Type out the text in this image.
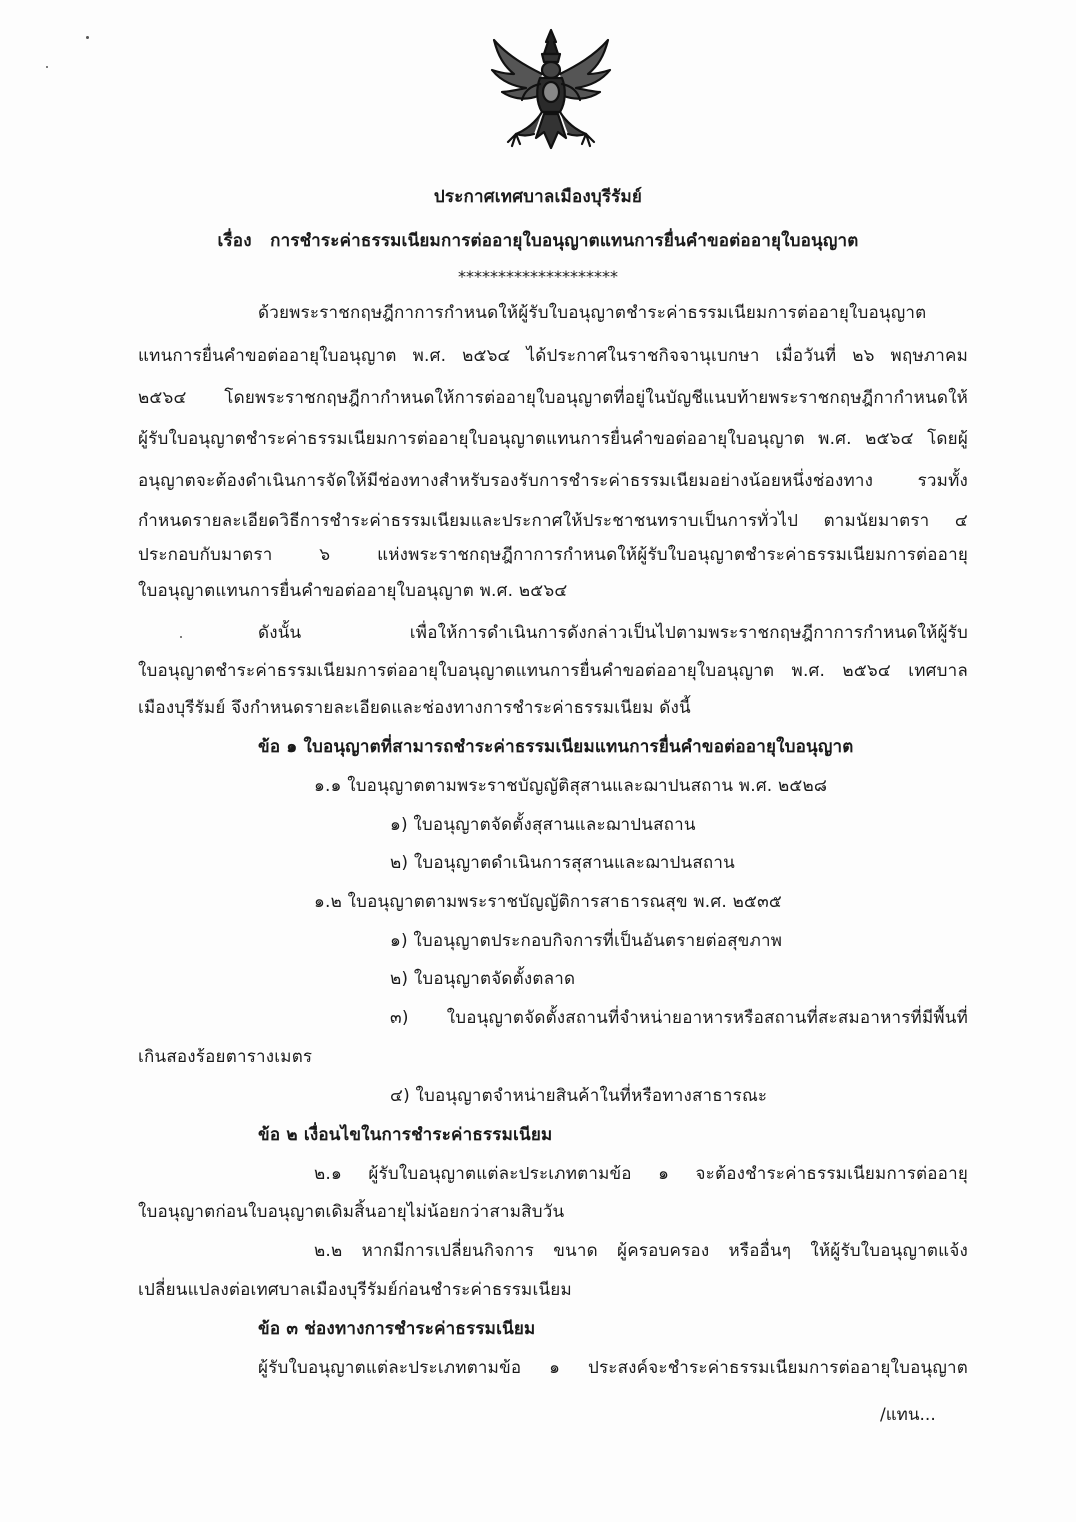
ประกาศเทศบาลเมืองบุรีรัมย์
เรื่อง การชำระค่าธรรมเนียมการต่ออายุใบอนุญาตแทนการยื่นคำขอต่ออายุใบอนุญาต
********************
ด้วยพระราชกฤษฎีกาการกำหนดให้ผู้รับใบอนุญาตชำระค่าธรรมเนียมการต่ออายุใบอนุญาต
แทนการยื่นคำขอต่ออายุใบอนุญาต พ.ศ. ๒๕๖๔ ได้ประกาศในราชกิจจานุเบกษา เมื่อวันที่ ๒๖ พฤษภาคม
๒๕๖๔ โดยพระราชกฤษฎีกากำหนดให้การต่ออายุใบอนุญาตที่อยู่ในบัญชีแนบท้ายพระราชกฤษฎีกากำหนดให้
ผู้รับใบอนุญาตชำระค่าธรรมเนียมการต่ออายุใบอนุญาตแทนการยื่นคำขอต่ออายุใบอนุญาต พ.ศ. ๒๕๖๔ โดยผู้
อนุญาตจะต้องดำเนินการจัดให้มีช่องทางสำหรับรองรับการชำระค่าธรรมเนียมอย่างน้อยหนึ่งช่องทาง รวมทั้ง
กำหนดรายละเอียดวิธีการชำระค่าธรรมเนียมและประกาศให้ประชาชนทราบเป็นการทั่วไป ตามนัยมาตรา ๔
ประกอบกับมาตรา ๖ แห่งพระราชกฤษฎีกาการกำหนดให้ผู้รับใบอนุญาตชำระค่าธรรมเนียมการต่ออายุ
ใบอนุญาตแทนการยื่นคำขอต่ออายุใบอนุญาต พ.ศ. ๒๕๖๔
ดังนั้น เพื่อให้การดำเนินการดังกล่าวเป็นไปตามพระราชกฤษฎีกาการกำหนดให้ผู้รับ
ใบอนุญาตชำระค่าธรรมเนียมการต่ออายุใบอนุญาตแทนการยื่นคำขอต่ออายุใบอนุญาต พ.ศ. ๒๕๖๔ เทศบาล
เมืองบุรีรัมย์ จึงกำหนดรายละเอียดและช่องทางการชำระค่าธรรมเนียม ดังนี้
ข้อ ๑ ใบอนุญาตที่สามารถชำระค่าธรรมเนียมแทนการยื่นคำขอต่ออายุใบอนุญาต
๑.๑ ใบอนุญาตตามพระราชบัญญัติสุสานและฌาปนสถาน พ.ศ. ๒๕๒๘
๑) ใบอนุญาตจัดตั้งสุสานและฌาปนสถาน
๒) ใบอนุญาตดำเนินการสุสานและฌาปนสถาน
๑.๒ ใบอนุญาตตามพระราชบัญญัติการสาธารณสุข พ.ศ. ๒๕๓๕
๑) ใบอนุญาตประกอบกิจการที่เป็นอันตรายต่อสุขภาพ
๒) ใบอนุญาตจัดตั้งตลาด
๓) ใบอนุญาตจัดตั้งสถานที่จำหน่ายอาหารหรือสถานที่สะสมอาหารที่มีพื้นที่
เกินสองร้อยตารางเมตร
๔) ใบอนุญาตจำหน่ายสินค้าในที่หรือทางสาธารณะ
ข้อ ๒ เงื่อนไขในการชำระค่าธรรมเนียม
๒.๑ ผู้รับใบอนุญาตแต่ละประเภทตามข้อ ๑ จะต้องชำระค่าธรรมเนียมการต่ออายุ
ใบอนุญาตก่อนใบอนุญาตเดิมสิ้นอายุไม่น้อยกว่าสามสิบวัน
๒.๒ หากมีการเปลี่ยนกิจการ ขนาด ผู้ครอบครอง หรืออื่นๆ ให้ผู้รับใบอนุญาตแจ้ง
เปลี่ยนแปลงต่อเทศบาลเมืองบุรีรัมย์ก่อนชำระค่าธรรมเนียม
ข้อ ๓ ช่องทางการชำระค่าธรรมเนียม
ผู้รับใบอนุญาตแต่ละประเภทตามข้อ ๑ ประสงค์จะชำระค่าธรรมเนียมการต่ออายุใบอนุญาต
/แทน...
